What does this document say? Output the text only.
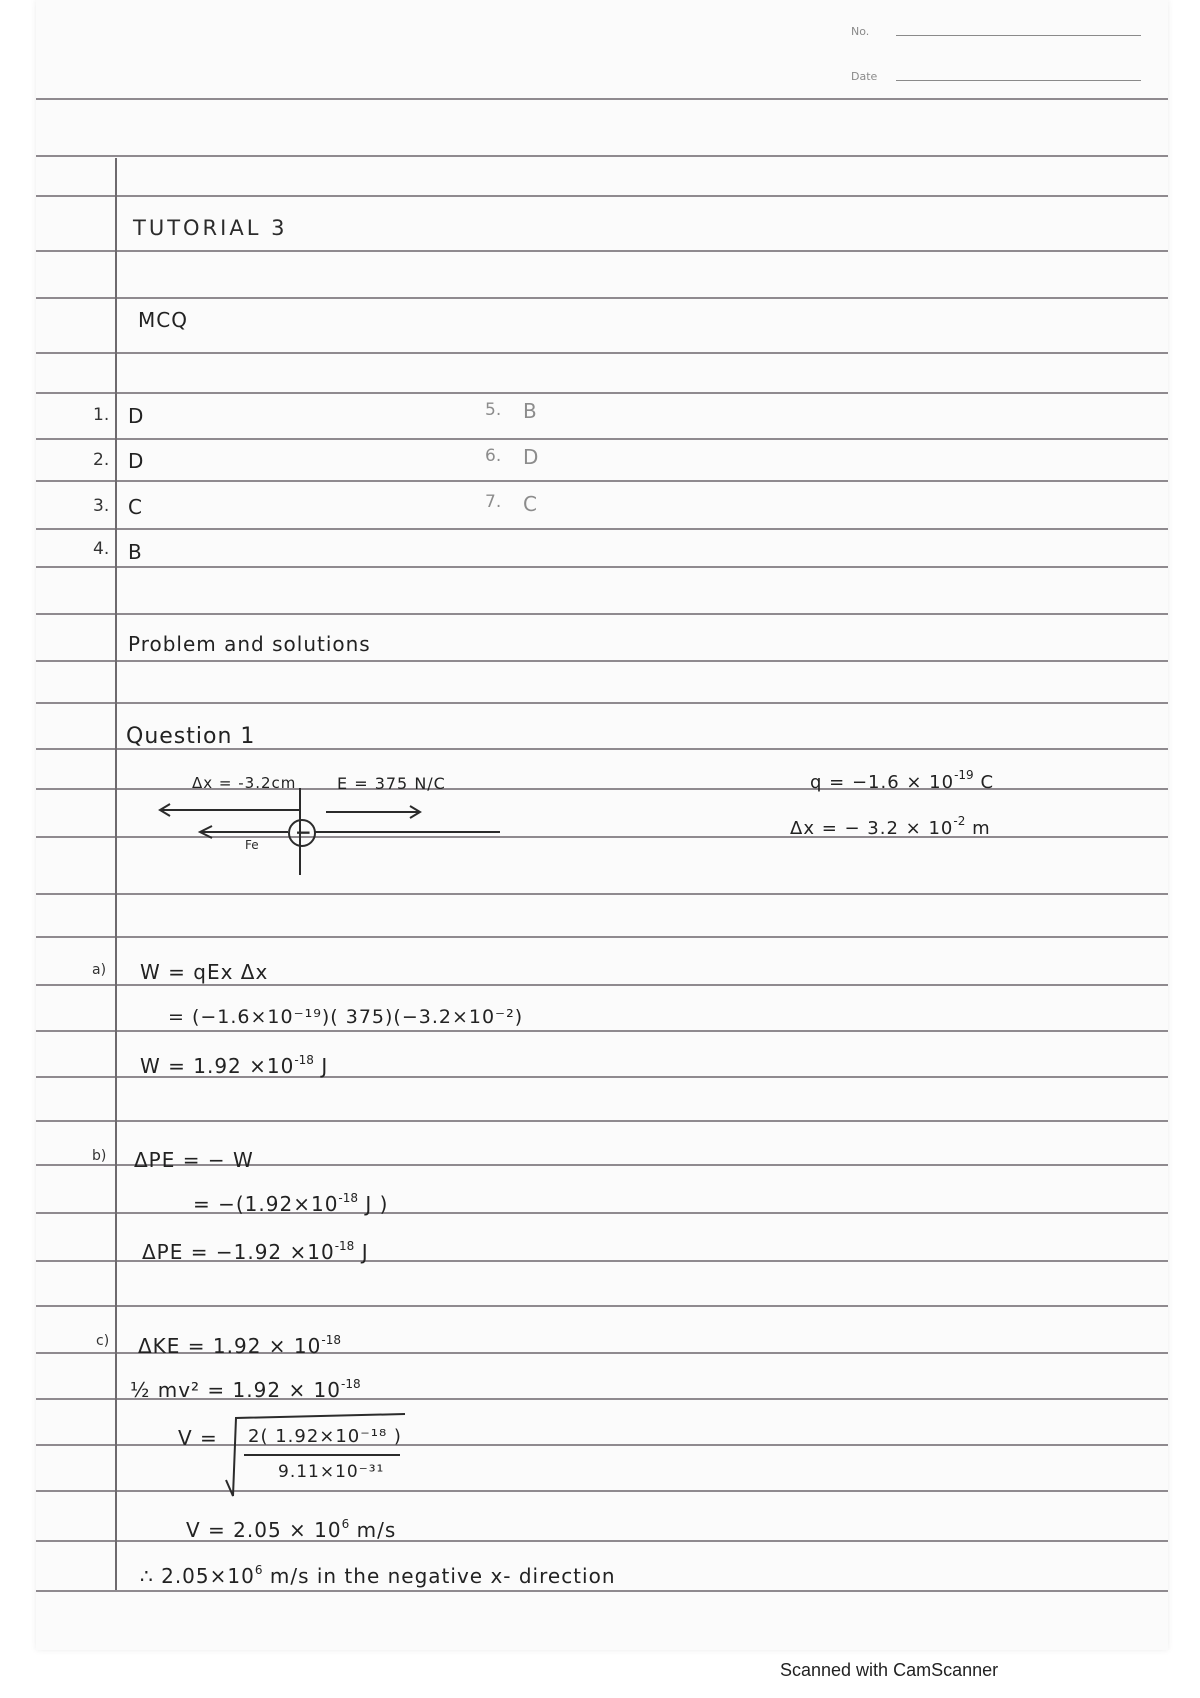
No.
Date
TUTORIAL 3
MCQ
1. D
2. D
3. C
4. B
5. B
6. D
7. C
Problem and solutions
Question 1
Δx = -3.2cm	E = 375 N/C
−
Fe
$q = -1.6 \times 10^{-19}$ C
Δx = − $3.2 \times 10^{-2}$ m
a) W = qEx Δx
= (−1.6×10⁻¹⁹)( 375)(−3.2×10⁻²)
$W = 1.92 \times 10^{-18}$ J
b) ΔPE = − W
= $-(1.92\times 10^{-18}$ J )
$\Delta PE = -1.92 \times 10^{-18}$ J
c) $\Delta KE = 1.92 \times 10^{-18}$
½ $mv^2 = 1.92 \times 10^{-18}$
V = 2( 1.92×10⁻¹⁸ )
9.11×10⁻³¹
$V = 2.05 \times 10^6$ m/s
∴ $2.05\times 10^6$ m/s in the negative x- direction
Scanned with CamScanner
